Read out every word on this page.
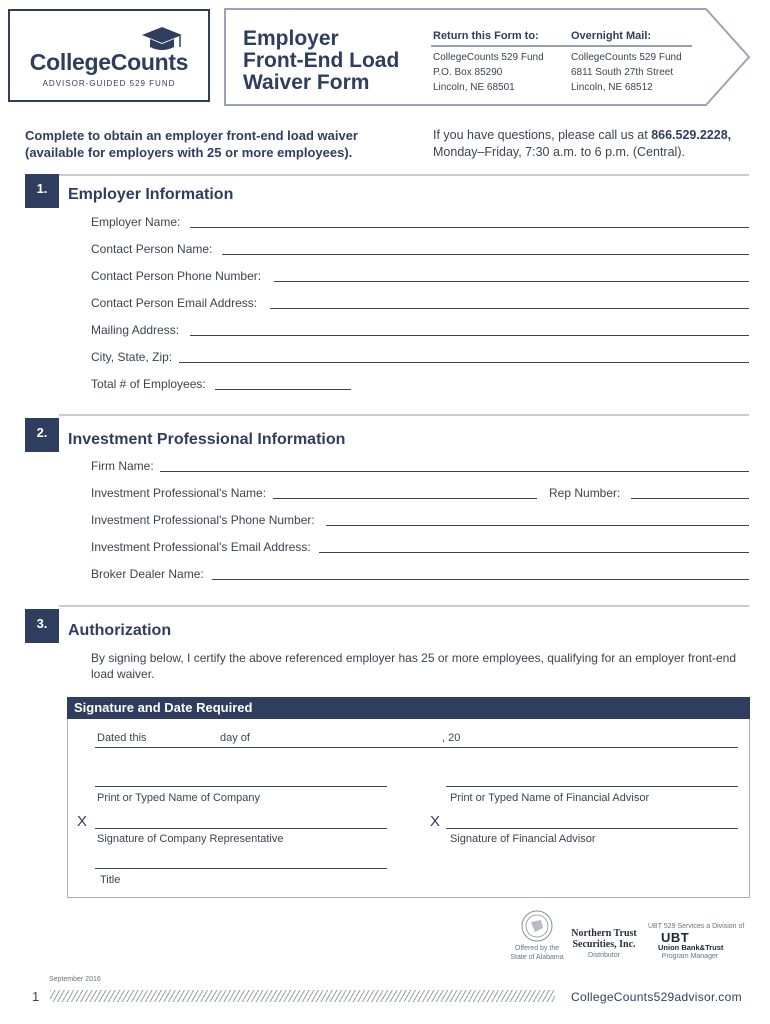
CollegeCounts
ADVISOR-GUIDED 529 FUND
Employer
Front-End Load
Waiver Form
Return this Form to:
CollegeCounts 529 Fund
P.O. Box 85290
Lincoln, NE 68501
Overnight Mail:
CollegeCounts 529 Fund
6811 South 27th Street
Lincoln, NE 68512
Complete to obtain an employer front-end load waiver (available for employers with 25 or more employees).
If you have questions, please call us at 866.529.2228,
Monday–Friday, 7:30 a.m. to 6 p.m. (Central).
1.	Employer Information
Employer Name:
Contact Person Name:
Contact Person Phone Number:
Contact Person Email Address:
Mailing Address:
City, State, Zip:
Total # of Employees:
2.	Investment Professional Information
Firm Name:
Investment Professional's Name:	Rep Number:
Investment Professional's Phone Number:
Investment Professional's Email Address:
Broker Dealer Name:
3.	Authorization
By signing below, I certify the above referenced employer has 25 or more employees, qualifying for an employer front-end load waiver.
Signature and Date Required
Dated this	day of	, 20
Print or Typed Name of Company	Print or Typed Name of Financial Advisor
X
Signature of Company Representative
X
Signature of Financial Advisor
Title
Offered by the
State of Alabama
Northern Trust
Securities, Inc.
Distributor
UBT 529 Services a Division of
UBT
Union Bank&Trust
Program Manager
September 2016
1	CollegeCounts529advisor.com
